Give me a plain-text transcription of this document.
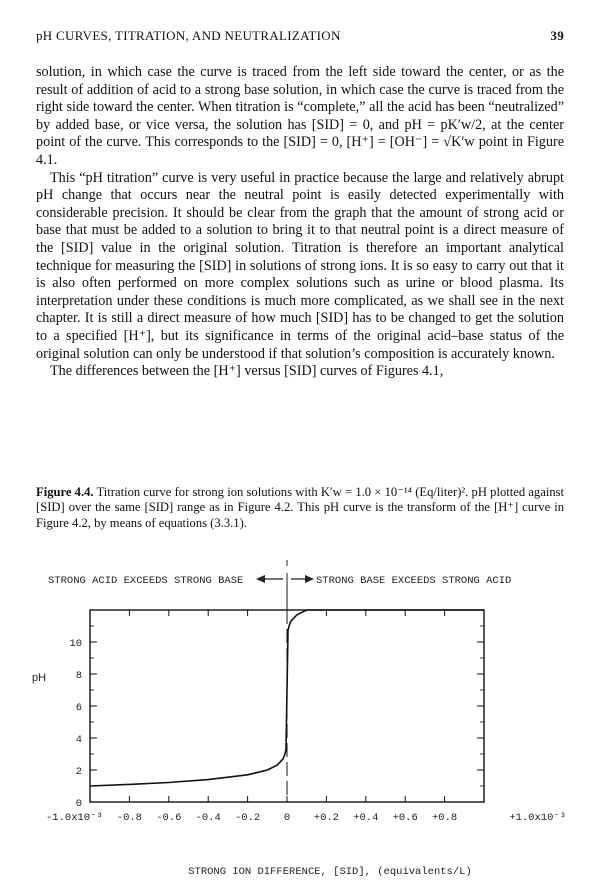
pH CURVES, TITRATION, AND NEUTRALIZATION	39

solution, in which case the curve is traced from the left side toward the center, or as the result of addition of acid to a strong base solution, in which case the curve is traced from the right side toward the center. When titration is “complete,” all the acid has been “neutralized” by added base, or vice versa, the solution has [SID] = 0, and pH = pK′w/2, at the center point of the curve. This corresponds to the [SID] = 0, [H⁺] = [OH⁻] = √K′w point in Figure 4.1.

This “pH titration” curve is very useful in practice because the large and relatively abrupt pH change that occurs near the neutral point is easily detected experimentally with considerable precision. It should be clear from the graph that the amount of strong acid or base that must be added to a solution to bring it to that neutral point is a direct measure of the [SID] value in the original solution. Titration is therefore an important analytical technique for measuring the [SID] in solutions of strong ions. It is so easy to carry out that it is also often performed on more complex solutions such as urine or blood plasma. Its interpretation under these conditions is much more complicated, as we shall see in the next chapter. It is still a direct measure of how much [SID] has to be changed to get the solution to a specified [H⁺], but its significance in terms of the original acid–base status of the original solution can only be understood if that solution’s composition is accurately known.

The differences between the [H⁺] versus [SID] curves of Figures 4.1,

Figure 4.4. Titration curve for strong ion solutions with K′w = 1.0 × 10⁻¹⁴ (Eq/liter)². pH plotted against [SID] over the same [SID] range as in Figure 4.2. This pH curve is the transform of the [H⁺] curve in Figure 4.2, by means of equations (3.3.1).
STRONG ACID EXCEEDS STRONG BASE	STRONG BASE EXCEEDS STRONG ACID
pH
STRONG ION DIFFERENCE, [SID], (equivalents/L)
0
2
4
6
8
10
-1.0x10⁻³ -0.8 -0.6 -0.4 -0.2 0 +0.2 +0.4 +0.6 +0.8	+1.0x10⁻³
